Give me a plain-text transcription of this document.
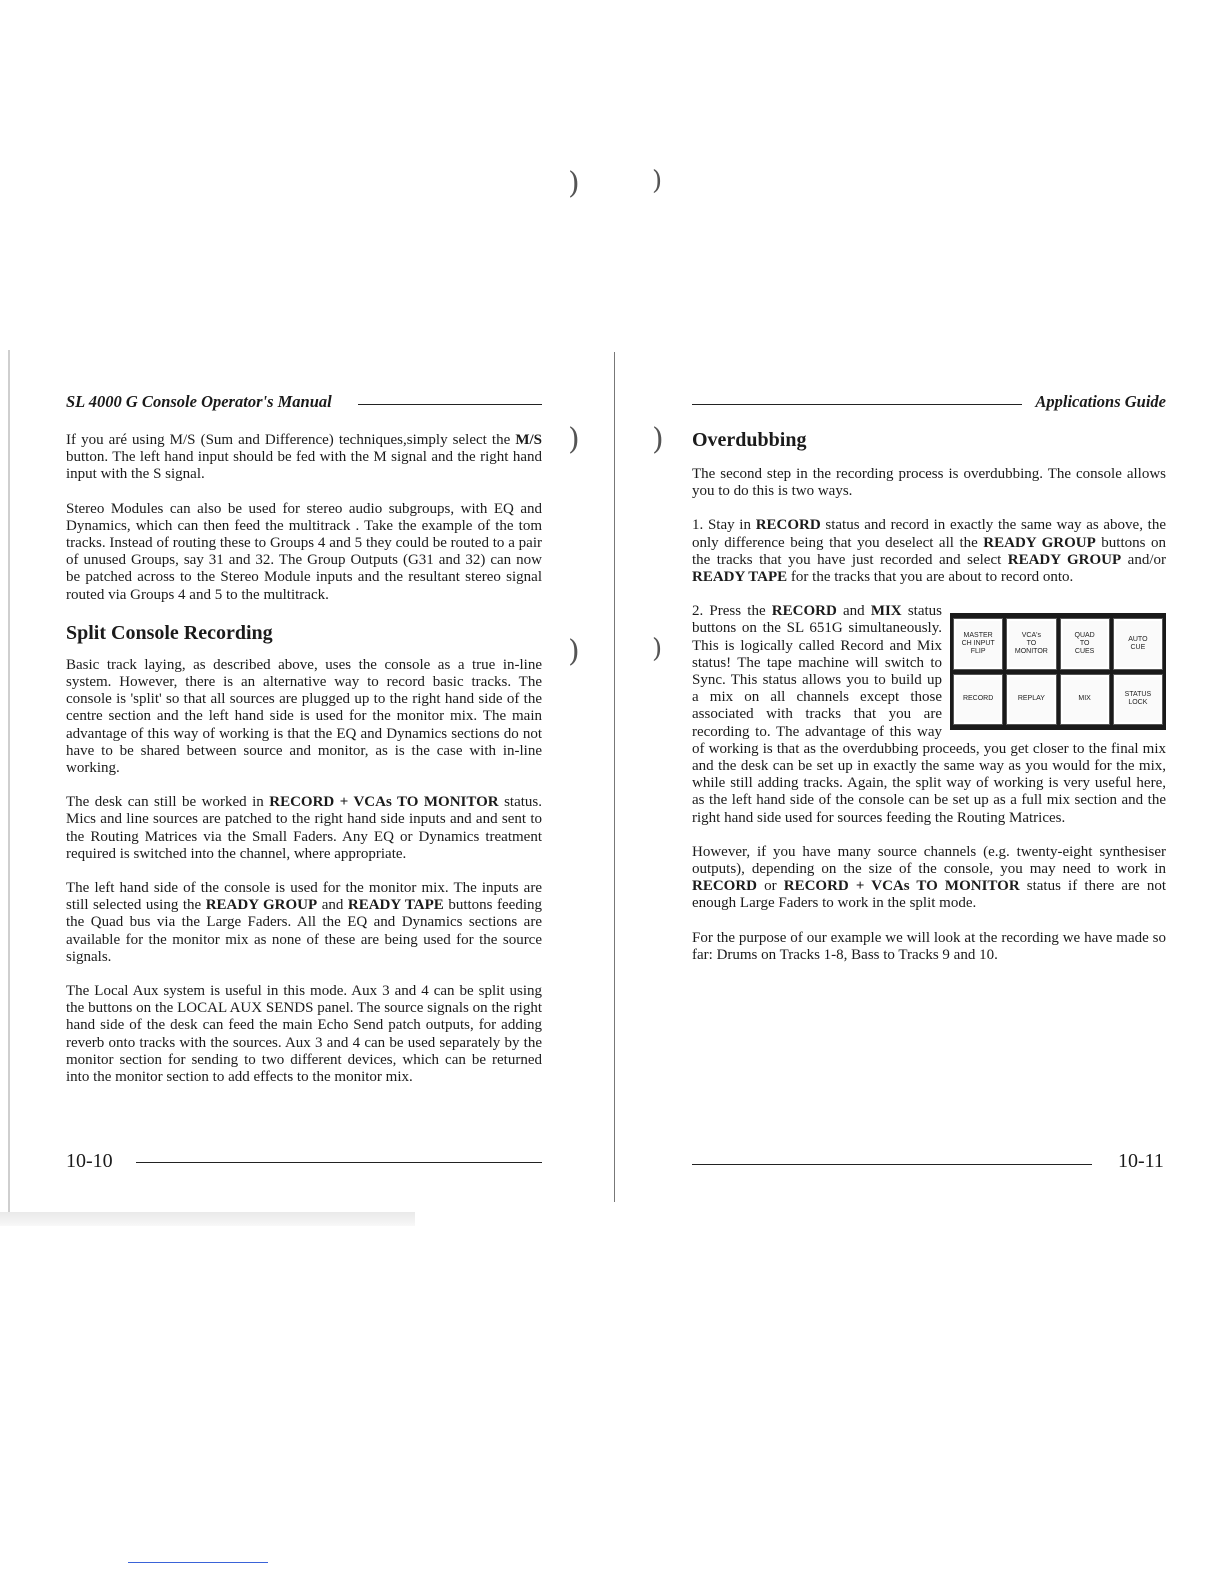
SL 4000 G Console Operator's Manual

If you aré using M/S (Sum and Difference) techniques,simply select the M/S button. The left hand input should be fed with the M signal and the right hand input with the S signal.

Stereo Modules can also be used for stereo audio subgroups, with EQ and Dynamics, which can then feed the multitrack . Take the example of the tom tracks. Instead of routing these to Groups 4 and 5 they could be routed to a pair of unused Groups, say 31 and 32. The Group Outputs (G31 and 32) can now be patched across to the Stereo Module inputs and the resultant stereo signal routed via Groups 4 and 5 to the multitrack.

Split Console Recording

Basic track laying, as described above, uses the console as a true in-line system. However, there is an alternative way to record basic tracks. The console is 'split' so that all sources are plugged up to the right hand side of the centre section and the left hand side is used for the monitor mix. The main advantage of this way of working is that the EQ and Dynamics sections do not have to be shared between source and monitor, as is the case with in-line working.

The desk can still be worked in RECORD + VCAs TO MONITOR status. Mics and line sources are patched to the right hand side inputs and and sent to the Routing Matrices via the Small Faders. Any EQ or Dynamics treatment required is switched into the channel, where appropriate.

The left hand side of the console is used for the monitor mix. The inputs are still selected using the READY GROUP and READY TAPE buttons feeding the Quad bus via the Large Faders. All the EQ and Dynamics sections are available for the monitor mix as none of these are being used for the source signals.

The Local Aux system is useful in this mode. Aux 3 and 4 can be split using the buttons on the LOCAL AUX SENDS panel. The source signals on the right hand side of the desk can feed the main Echo Send patch outputs, for adding reverb onto tracks with the sources. Aux 3 and 4 can be used separately by the monitor section for sending to two different devices, which can be returned into the monitor section to add effects to the monitor mix.

10-10
)
)
)
Applications Guide
)
)
)
10-11
Overdubbing

The second step in the recording process is overdubbing. The console allows you to do this is two ways.

1. Stay in RECORD status and record in exactly the same way as above, the only difference being that you deselect all the READY GROUP buttons on the tracks that you have just recorded and select READY GROUP and/or READY TAPE for the tracks that you are about to record onto.

MASTER
CH INPUT
FLIP
VCA's
TO
MONITOR
QUAD
TO
CUES
AUTO
CUE
RECORD	REPLAY	MIX
STATUS
LOCK
2. Press the RECORD and MIX status buttons on the SL 651G simultaneously. This is logically called Record and Mix status! The tape machine will switch to Sync. This status allows you to build up a mix on all channels except those associated with tracks that you are recording to. The advantage of this way of working is that as the overdubbing proceeds, you get closer to the final mix and the desk can be set up in exactly the same way as you would for the mix, while still adding tracks. Again, the split way of working is very useful here, as the left hand side of the console can be set up as a full mix section and the right hand side used for sources feeding the Routing Matrices.

However, if you have many source channels (e.g. twenty-eight synthesiser outputs), depending on the size of the console, you may need to work in RECORD or RECORD + VCAs TO MONITOR status if there are not enough Large Faders to work in the split mode.

For the purpose of our example we will look at the recording we have made so far: Drums on Tracks 1-8, Bass to Tracks 9 and 10.
